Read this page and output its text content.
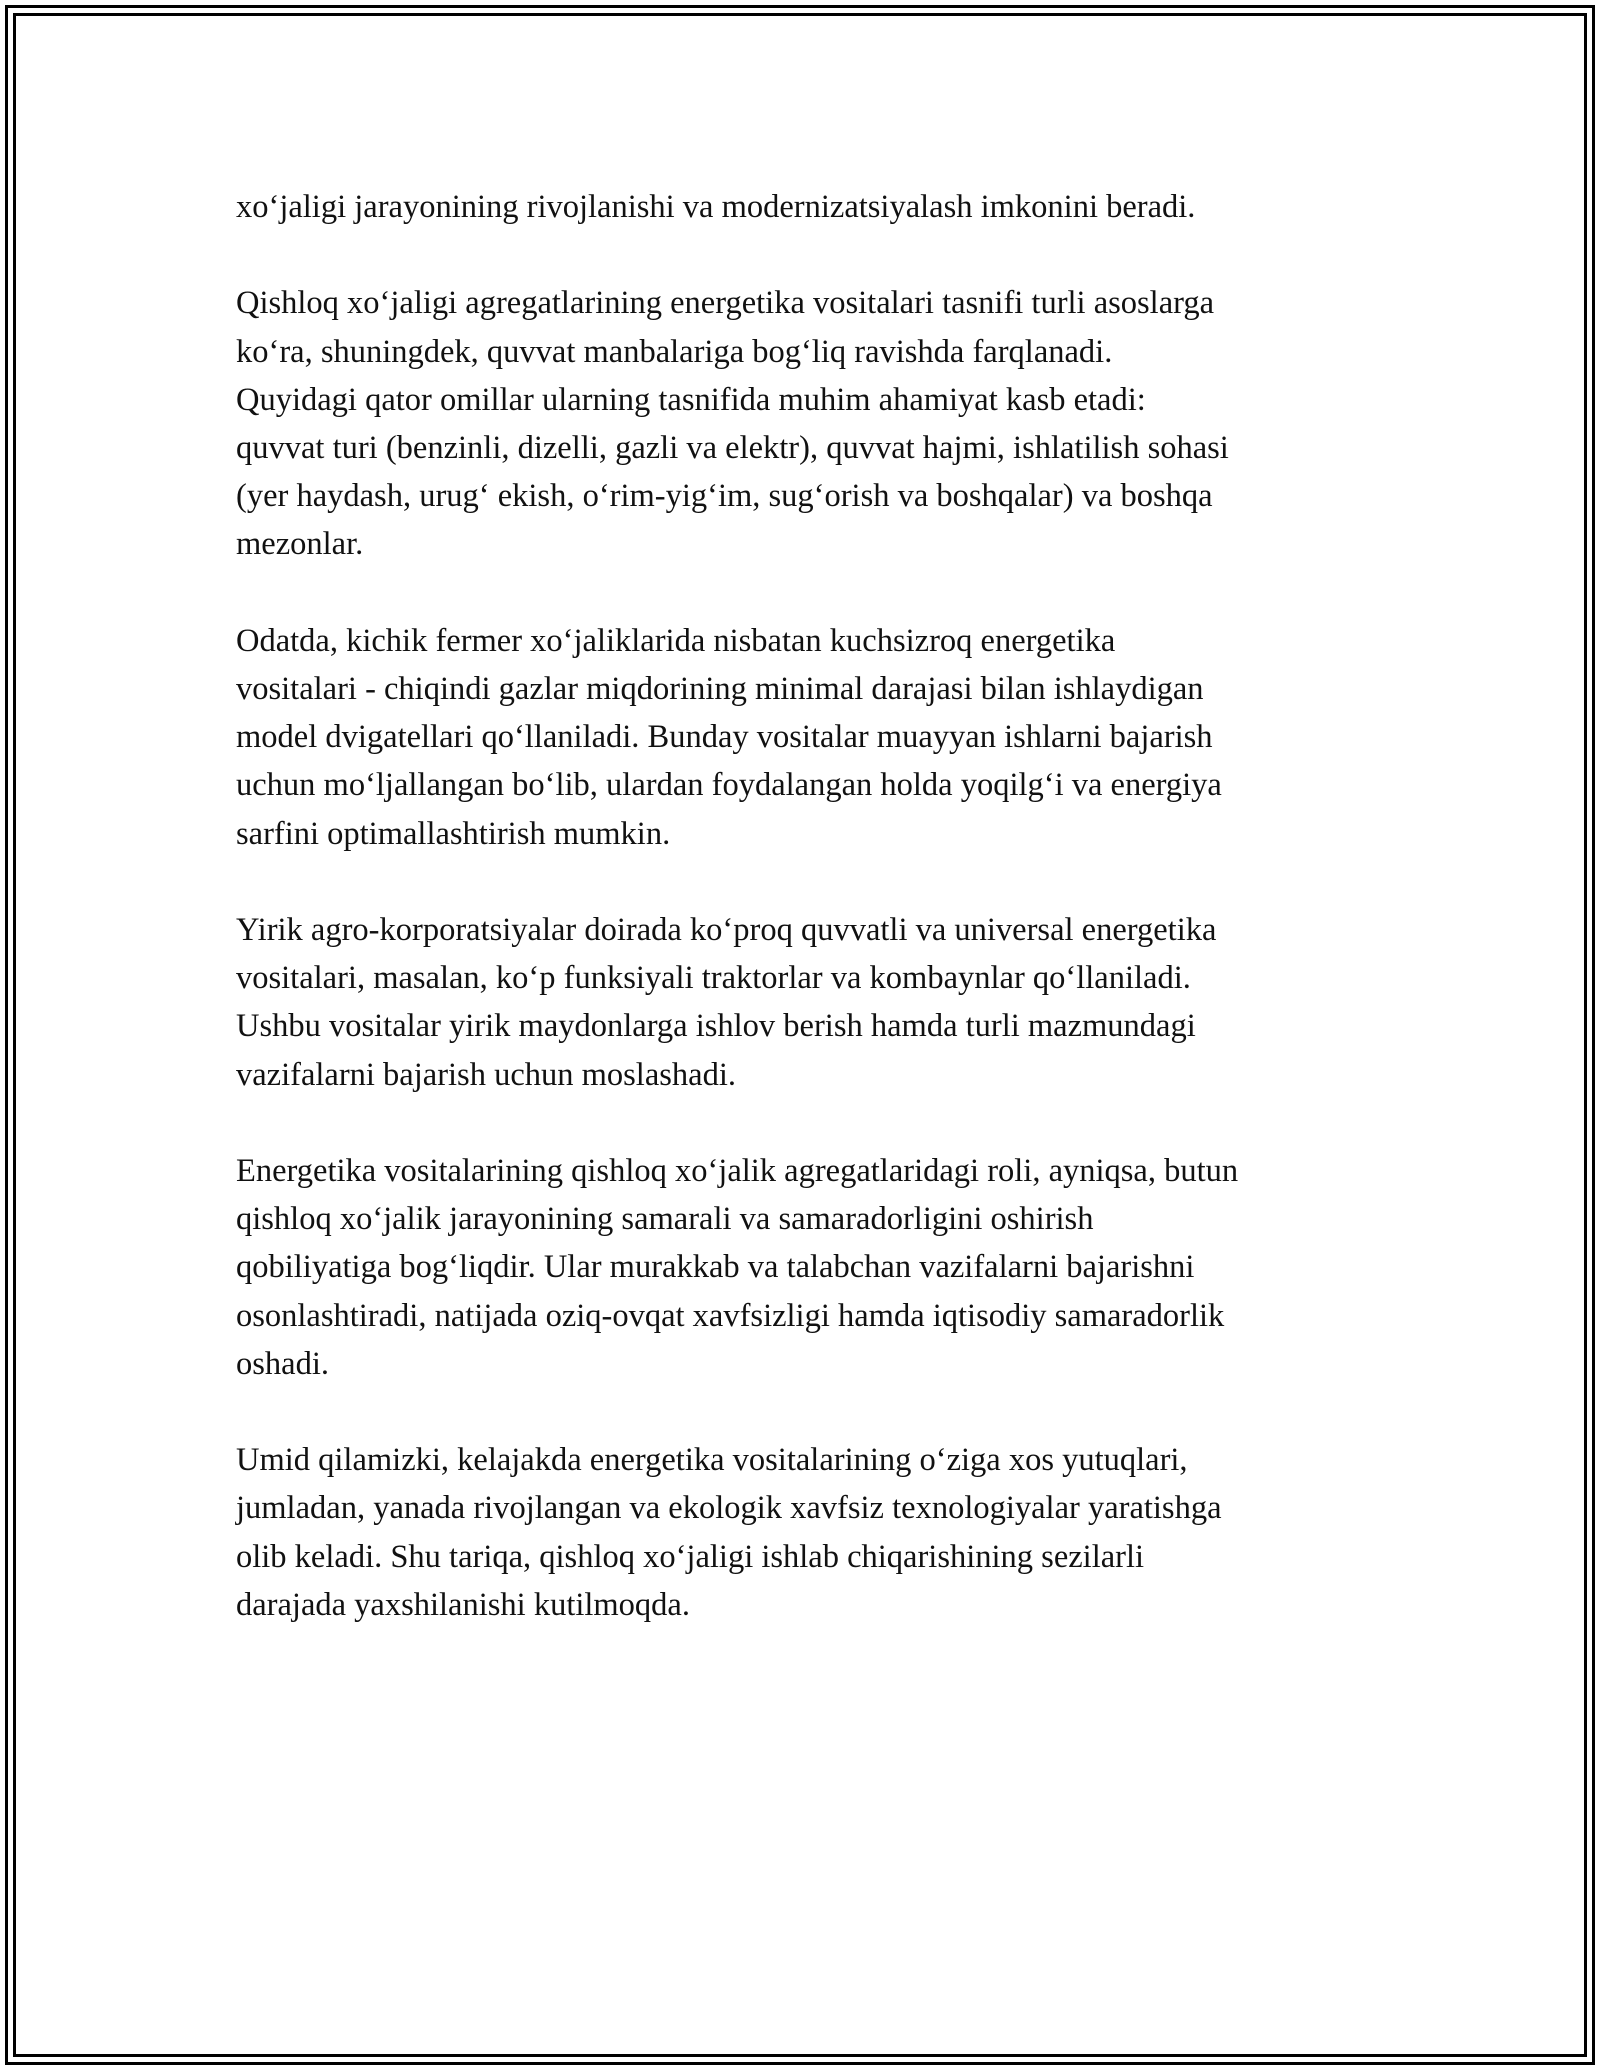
xo‘jaligi jarayonining rivojlanishi va modernizatsiyalash imkonini beradi.

Qishloq xo‘jaligi agregatlarining energetika vositalari tasnifi turli asoslarga
ko‘ra, shuningdek, quvvat manbalariga bog‘liq ravishda farqlanadi.
Quyidagi qator omillar ularning tasnifida muhim ahamiyat kasb etadi:
quvvat turi (benzinli, dizelli, gazli va elektr), quvvat hajmi, ishlatilish sohasi
(yer haydash, urug‘ ekish, o‘rim-yig‘im, sug‘orish va boshqalar) va boshqa
mezonlar.

Odatda, kichik fermer xo‘jaliklarida nisbatan kuchsizroq energetika
vositalari - chiqindi gazlar miqdorining minimal darajasi bilan ishlaydigan
model dvigatellari qo‘llaniladi. Bunday vositalar muayyan ishlarni bajarish
uchun mo‘ljallangan bo‘lib, ulardan foydalangan holda yoqilg‘i va energiya
sarfini optimallashtirish mumkin.

Yirik agro-korporatsiyalar doirada ko‘proq quvvatli va universal energetika
vositalari, masalan, ko‘p funksiyali traktorlar va kombaynlar qo‘llaniladi.
Ushbu vositalar yirik maydonlarga ishlov berish hamda turli mazmundagi
vazifalarni bajarish uchun moslashadi.

Energetika vositalarining qishloq xo‘jalik agregatlaridagi roli, ayniqsa, butun
qishloq xo‘jalik jarayonining samarali va samaradorligini oshirish
qobiliyatiga bog‘liqdir. Ular murakkab va talabchan vazifalarni bajarishni
osonlashtiradi, natijada oziq-ovqat xavfsizligi hamda iqtisodiy samaradorlik
oshadi.

Umid qilamizki, kelajakda energetika vositalarining o‘ziga xos yutuqlari,
jumladan, yanada rivojlangan va ekologik xavfsiz texnologiyalar yaratishga
olib keladi. Shu tariqa, qishloq xo‘jaligi ishlab chiqarishining sezilarli
darajada yaxshilanishi kutilmoqda.
